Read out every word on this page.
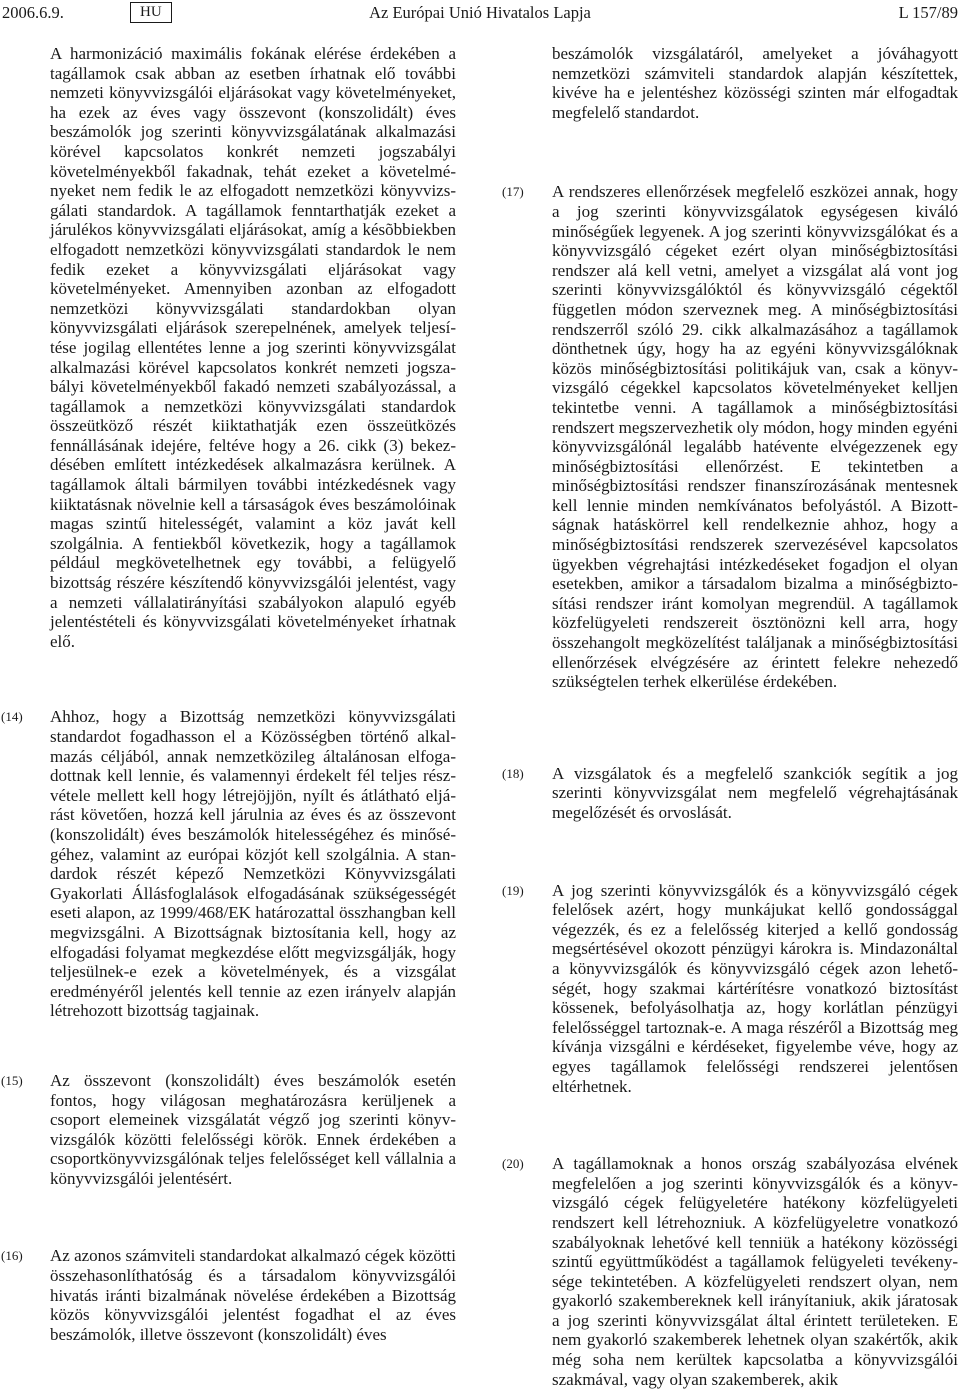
2006.6.9.	HU	Az Európai Unió Hivatalos Lapja	L 157/89

A harmonizáció maximális fokának elérése érdekében a tagállamok csak abban az esetben írhatnak elő további nemzeti könyvvizsgálói eljárásokat vagy követelményeket, ha ezek az éves vagy összevont (konszolidált) éves beszámolók jog szerinti könyvvizsgálatának alkalmazási körével kapcsolatos konkrét nemzeti jogszabályi követelményekből fakadnak, tehát ezeket a követelményeket nem fedik le az elfogadott nemzetközi könyvvizsgálati standardok. A tagállamok fenntarthatják ezeket a járulékos könyvvizsgálati eljárásokat, amíg a késõbbiekben elfogadott nemzetközi könyvvizsgálati standardok le nem fedik ezeket a könyvvizsgálati eljárásokat vagy követelményeket. Amennyiben azonban az elfogadott nemzetközi könyvvizsgálati standardokban olyan könyvvizsgálati eljárások szerepelnének, amelyek teljesítése jogilag ellentétes lenne a jog szerinti könyvvizsgálat alkalmazási körével kapcsolatos konkrét nemzeti jogszabályi követelményekből fakadó nemzeti szabályozással, a tagállamok a nemzetközi könyvvizsgálati standardok összeütköző részét kiiktathatják ezen összeütközés fennállásának idejére, feltéve hogy a 26. cikk (3) bekezdésében említett intézkedések alkalmazásra kerülnek. A tagállamok általi bármilyen további intézkedésnek vagy kiiktatásnak növelnie kell a társaságok éves beszámolóinak magas szintű hitelességét, valamint a köz javát kell szolgálnia. A fentiekből következik, hogy a tagállamok például megkövetelhetnek egy további, a felügyelő bizottság részére készítendő könyvvizsgálói jelentést, vagy a nemzeti vállalatirányítási szabályokon alapuló egyéb jelentéstételi és könyvvizsgálati követelményeket írhatnak elő.

(14) Ahhoz, hogy a Bizottság nemzetközi könyvvizsgálati standardot fogadhasson el a Közösségben történő alkalmazás céljából, annak nemzetközileg általánosan elfogadottnak kell lennie, és valamennyi érdekelt fél teljes részvétele mellett kell hogy létrejöjjön, nyílt és átlátható eljárást követően, hozzá kell járulnia az éves és az összevont (konszolidált) éves beszámolók hitelességéhez és minőségéhez, valamint az európai közjót kell szolgálnia. A standardok részét képező Nemzetközi Könyvvizsgálati Gyakorlati Állásfoglalások elfogadásának szükségességét eseti alapon, az 1999/468/EK határozattal összhangban kell megvizsgálni. A Bizottságnak biztosítania kell, hogy az elfogadási folyamat megkezdése előtt megvizsgálják, hogy teljesülnek-e ezek a követelmények, és a vizsgálat eredményéről jelentés kell tennie az ezen irányelv alapján létrehozott bizottság tagjainak.

(15) Az összevont (konszolidált) éves beszámolók esetén fontos, hogy világosan meghatározásra kerüljenek a csoport elemeinek vizsgálatát végző jog szerinti könyvvizsgálók közötti felelősségi körök. Ennek érdekében a csoportkönyvvizsgálónak teljes felelősséget kell vállalnia a könyvvizsgálói jelentésért.

(16) Az azonos számviteli standardokat alkalmazó cégek közötti összehasonlíthatóság és a társadalom könyvvizsgálói hivatás iránti bizalmának növelése érdekében a Bizottság közös könyvvizsgálói jelentést fogadhat el az éves beszámolók, illetve összevont (konszolidált) éves

beszámolók vizsgálatáról, amelyeket a jóváhagyott nemzetközi számviteli standardok alapján készítettek, kivéve ha e jelentéshez közösségi szinten már elfogadtak megfelelő standardot.

(17) A rendszeres ellenőrzések megfelelő eszközei annak, hogy a jog szerinti könyvvizsgálatok egységesen kiváló minőségűek legyenek. A jog szerinti könyvvizsgálókat és a könyvvizsgáló cégeket ezért olyan minőségbiztosítási rendszer alá kell vetni, amelyet a vizsgálat alá vont jog szerinti könyvvizsgálóktól és könyvvizsgáló cégektől független módon szerveznek meg. A minőségbiztosítási rendszerről szóló 29. cikk alkalmazásához a tagállamok dönthetnek úgy, hogy ha az egyéni könyvvizsgálóknak közös minőségbiztosítási politikájuk van, csak a könyvvizsgáló cégekkel kapcsolatos követelményeket kelljen tekintetbe venni. A tagállamok a minőségbiztosítási rendszert megszervezhetik oly módon, hogy minden egyéni könyvvizsgálónál legalább hatévente elvégezzenek egy minőségbiztosítási ellenőrzést. E tekintetben a minőségbiztosítási rendszer finanszírozásának mentesnek kell lennie minden nemkívánatos befolyástól. A Bizottságnak hatáskörrel kell rendelkeznie ahhoz, hogy a minőségbiztosítási rendszerek szervezésével kapcsolatos ügyekben végrehajtási intézkedéseket fogadjon el olyan esetekben, amikor a társadalom bizalma a minőségbiztosítási rendszer iránt komolyan megrendül. A tagállamok közfelügyeleti rendszereit ösztönözni kell arra, hogy összehangolt megközelítést találjanak a minőségbiztosítási ellenőrzések elvégzésére az érintett felekre nehezedő szükségtelen terhek elkerülése érdekében.

(18) A vizsgálatok és a megfelelő szankciók segítik a jog szerinti könyvvizsgálat nem megfelelő végrehajtásának megelőzését és orvoslását.

(19) A jog szerinti könyvvizsgálók és a könyvvizsgáló cégek felelősek azért, hogy munkájukat kellő gondossággal végezzék, és ez a felelősség kiterjed a kellő gondosság megsértésével okozott pénzügyi károkra is. Mindazonáltal a könyvvizsgálók és könyvvizsgáló cégek azon lehetőségét, hogy szakmai kártérítésre vonatkozó biztosítást kössenek, befolyásolhatja az, hogy korlátlan pénzügyi felelősséggel tartoznak-e. A maga részéről a Bizottság meg kívánja vizsgálni e kérdéseket, figyelembe véve, hogy az egyes tagállamok felelősségi rendszerei jelentősen eltérhetnek.

(20) A tagállamoknak a honos ország szabályozása elvének megfelelően a jog szerinti könyvvizsgálók és a könyvvizsgáló cégek felügyeletére hatékony közfelügyeleti rendszert kell létrehozniuk. A közfelügyeletre vonatkozó szabályoknak lehetővé kell tenniük a hatékony közösségi szintű együttműködést a tagállamok felügyeleti tevékenysége tekintetében. A közfelügyeleti rendszert olyan, nem gyakorló szakembereknek kell irányítaniuk, akik járatosak a jog szerinti könyvvizsgálat által érintett területeken. E nem gyakorló szakemberek lehetnek olyan szakértők, akik még soha nem kerültek kapcsolatba a könyvvizsgálói szakmával, vagy olyan szakemberek, akik
